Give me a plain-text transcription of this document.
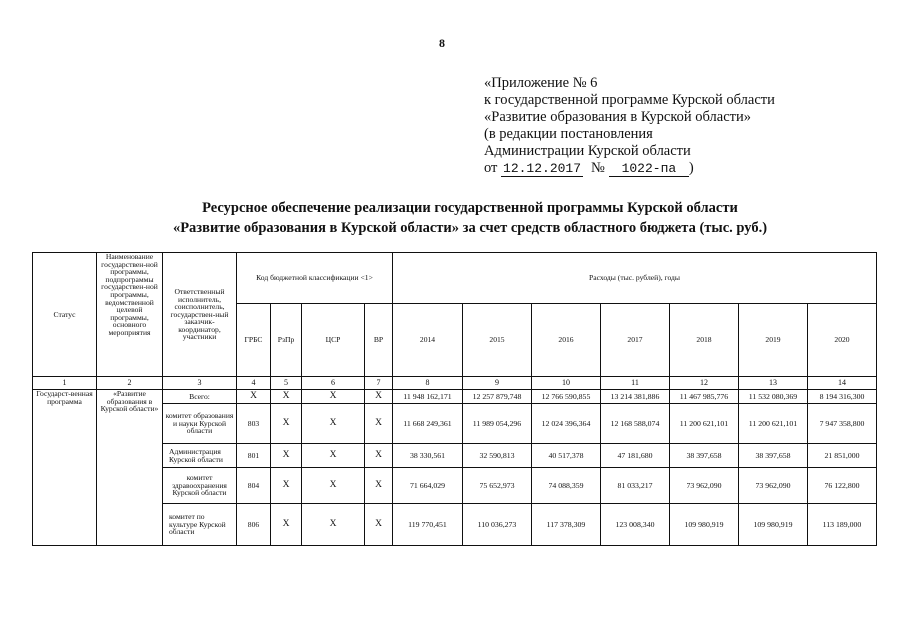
8
«Приложение № 6
к государственной программе Курской области
«Развитие образования в Курской области»
(в редакции постановления
Администрации Курской области
от 12.12.2017 № 1022-па )
Ресурсное обеспечение реализации государственной программы Курской области
«Развитие образования в Курской области» за счет средств областного бюджета (тыс. руб.)
Статус	Наименование государствен-ной программы, подпрограммы государствен-ной программы, ведомственной целевой программы, основного мероприятия	Ответственный исполнитель, соисполнитель, государствен-ный заказчик-координатор, участники	Код бюджетной классификации <1>				Расходы (тыс. рублей), годы						
			ГРБС	РзПр	ЦСР	ВР	2014	2015	2016	2017	2018	2019	2020
1	2	3	4	5	6	7	8	9	10	11	12	13	14
Государст-венная программа	«Развитие образования в Курской области»	Всего:	Х	Х	Х	Х	11 948 162,171	12 257 879,748	12 766 590,855	13 214 381,886	11 467 985,776	11 532 080,369	8 194 316,300
		комитет образования и науки Курской области	803	Х	Х	Х	11 668 249,361	11 989 054,296	12 024 396,364	12 168 588,074	11 200 621,101	11 200 621,101	7 947 358,800
		Администрация Курской области	801	Х	Х	Х	38 330,561	32 590,813	40 517,378	47 181,680	38 397,658	38 397,658	21 851,000
		комитет здравоохранения Курской области	804	Х	Х	Х	71 664,029	75 652,973	74 088,359	81 033,217	73 962,090	73 962,090	76 122,800
		комитет по культуре Курской области	806	Х	Х	Х	119 770,451	110 036,273	117 378,309	123 008,340	109 980,919	109 980,919	113 189,000
